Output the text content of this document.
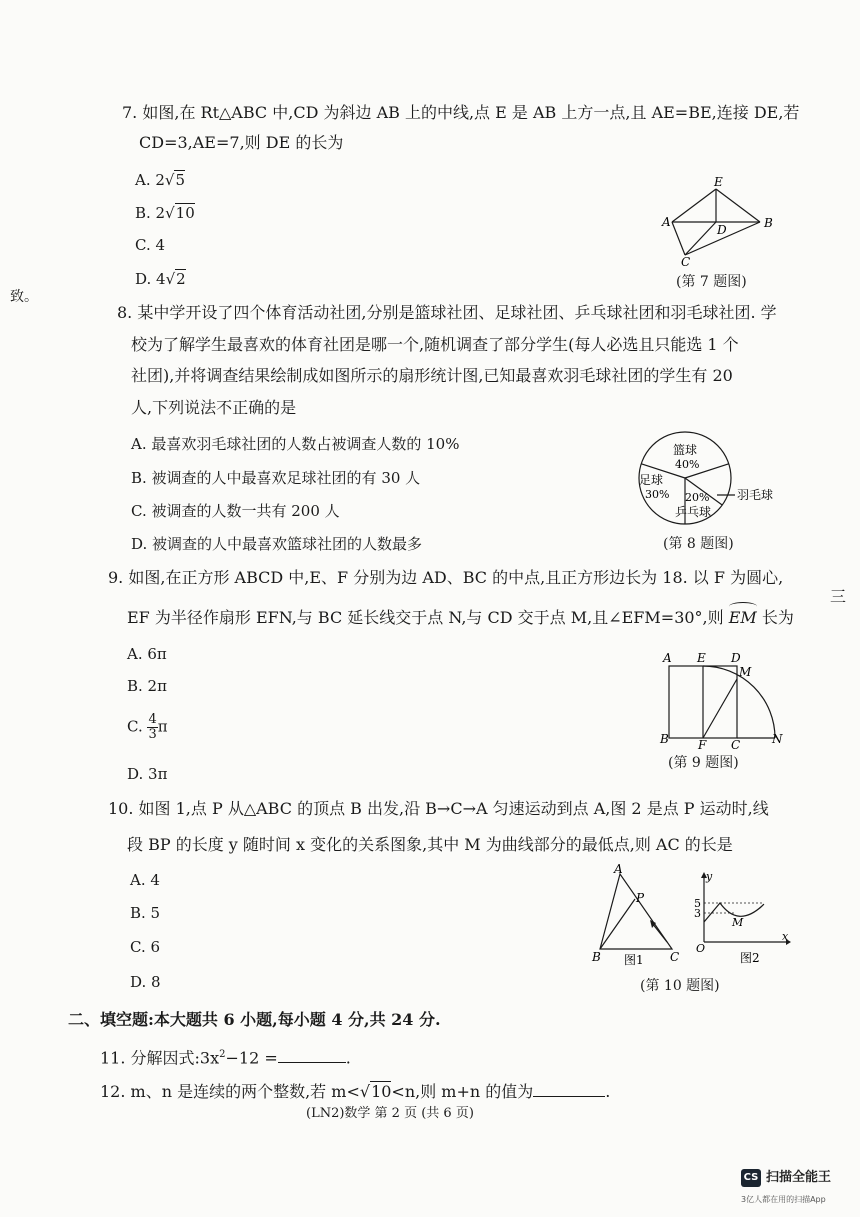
致。
三
7. 如图,在 Rt△ABC 中,CD 为斜边 AB 上的中线,点 E 是 AB 上方一点,且 AE=BE,连接 DE,若
CD=3,AE=7,则 DE 的长为
A. 2√5
B. 2√10
C. 4
D. 4√2
E
A	B
D
C
(第 7 题图)
8. 某中学开设了四个体育活动社团,分别是篮球社团、足球社团、乒乓球社团和羽毛球社团. 学
校为了解学生最喜欢的体育社团是哪一个,随机调查了部分学生(每人必选且只能选 1 个
社团),并将调查结果绘制成如图所示的扇形统计图,已知最喜欢羽毛球社团的学生有 20
人,下列说法不正确的是
A. 最喜欢羽毛球社团的人数占被调查人数的 10%
B. 被调查的人中最喜欢足球社团的有 30 人
C. 被调查的人数一共有 200 人
D. 被调查的人中最喜欢篮球社团的人数最多
篮球
40%
足球
30% 20%
乒乓球
羽毛球
(第 8 题图)
9. 如图,在正方形 ABCD 中,E、F 分别为边 AD、BC 的中点,且正方形边长为 18. 以 F 为圆心,
EF 为半径作扇形 EFN,与 BC 延长线交于点 N,与 CD 交于点 M,且∠EFM=30°,则
EM 长为
A. 6π
B. 2π
C. $\frac{4}{3}$ π
D. 3π
A E D
M
B F C	N
(第 9 题图)
10. 如图 1,点 P 从△ABC 的顶点 B 出发,沿 B→C→A 匀速运动到点 A,图 2 是点 P 运动时,线
段 BP 的长度 y 随时间 x 变化的关系图象,其中 M 为曲线部分的最低点,则 AC 的长是
A. 4
B. 5
C. 6
D. 8
A
P
B	C
图1
y
x
O
5
3
M
图2
(第 10 题图)
二、填空题:本大题共 6 小题,每小题 4 分,共 24 分.
11. 分解因式$:3x^2-12$ =	.
12. m、n 是连续的两个整数,若 m<√10<n,则 m+n 的值为	.
(LN2)数学 第 2 页 (共 6 页)
CS 扫描全能王
3亿人都在用的扫描App
